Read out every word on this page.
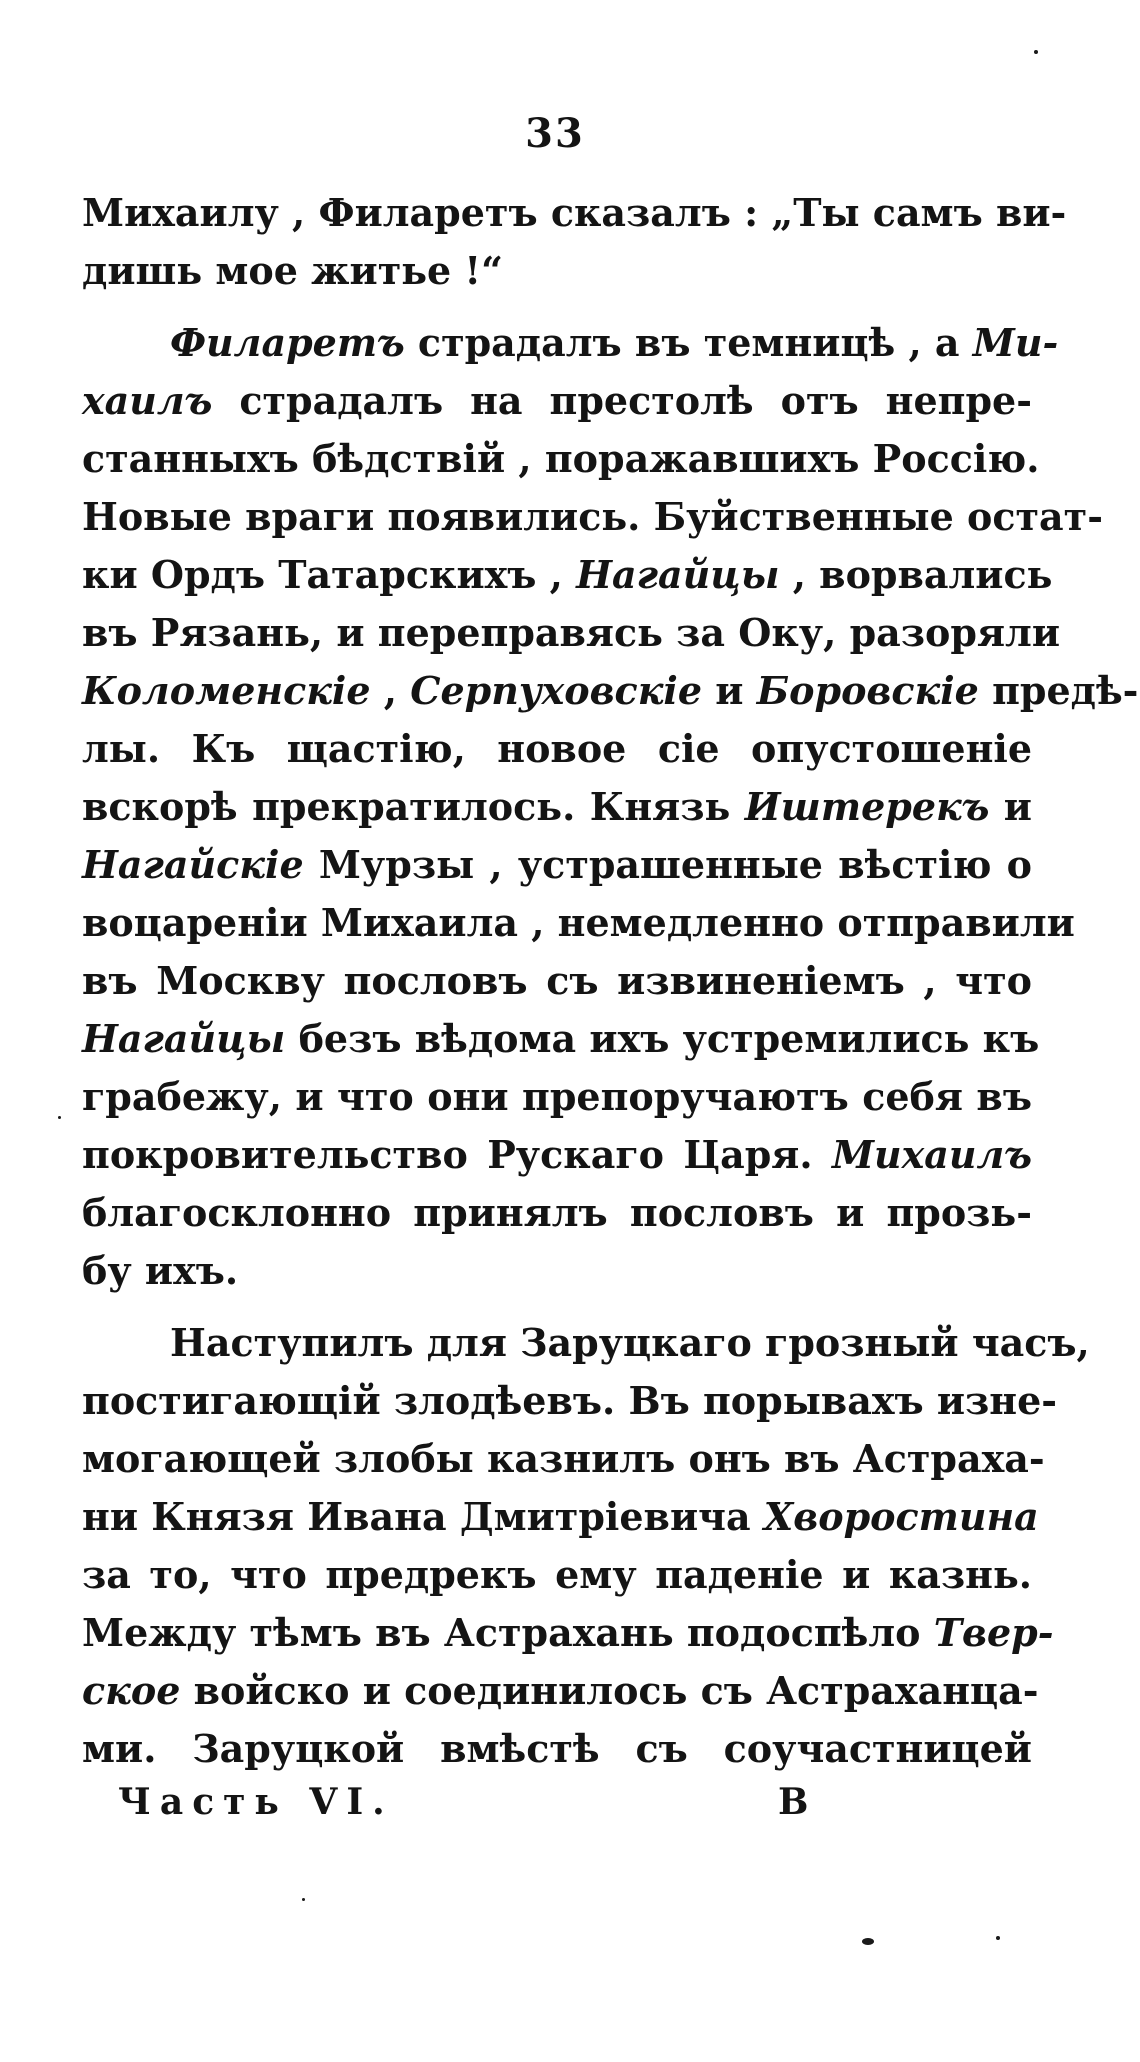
33
Михаилу , Филаретъ сказалъ : „Ты самъ ви-
дишь мое житье !“
Филаретъ страдалъ въ темницѣ , а Ми-
хаилъ страдалъ на престолѣ отъ непре-
станныхъ бѣдствій , поражавшихъ Россію.
Новые враги появились. Буйственные остат-
ки Ордъ Татарскихъ , Нагайцы , ворвались
въ Рязань, и переправясь за Оку, разоряли
Коломенскіе , Серпуховскіе и Боровскіе предѣ-
лы. Къ щастію, новое сіе опустошеніе
вскорѣ прекратилось. Князь Иштерекъ и
Нагайскіе Мурзы , устрашенные вѣстію о
воцареніи Михаила , немедленно отправили
въ Москву пословъ съ извиненіемъ , что
Нагайцы безъ вѣдома ихъ устремились къ
грабежу, и что они препоручаютъ себя въ
покровительство Рускаго Царя. Михаилъ
благосклонно принялъ пословъ и прозь-
бу ихъ.
Наступилъ для Заруцкаго грозный часъ,
постигающій злодѣевъ. Въ порывахъ изне-
могающей злобы казнилъ онъ въ Астраха-
ни Князя Ивана Дмитріевича Хворостина
за то, что предрекъ ему паденіе и казнь.
Между тѣмъ въ Астрахань подоспѣло Твер-
ское войско и соединилось съ Астраханца-
ми. Заруцкой вмѣстѣ съ соучастницей
Часть VI.	В
